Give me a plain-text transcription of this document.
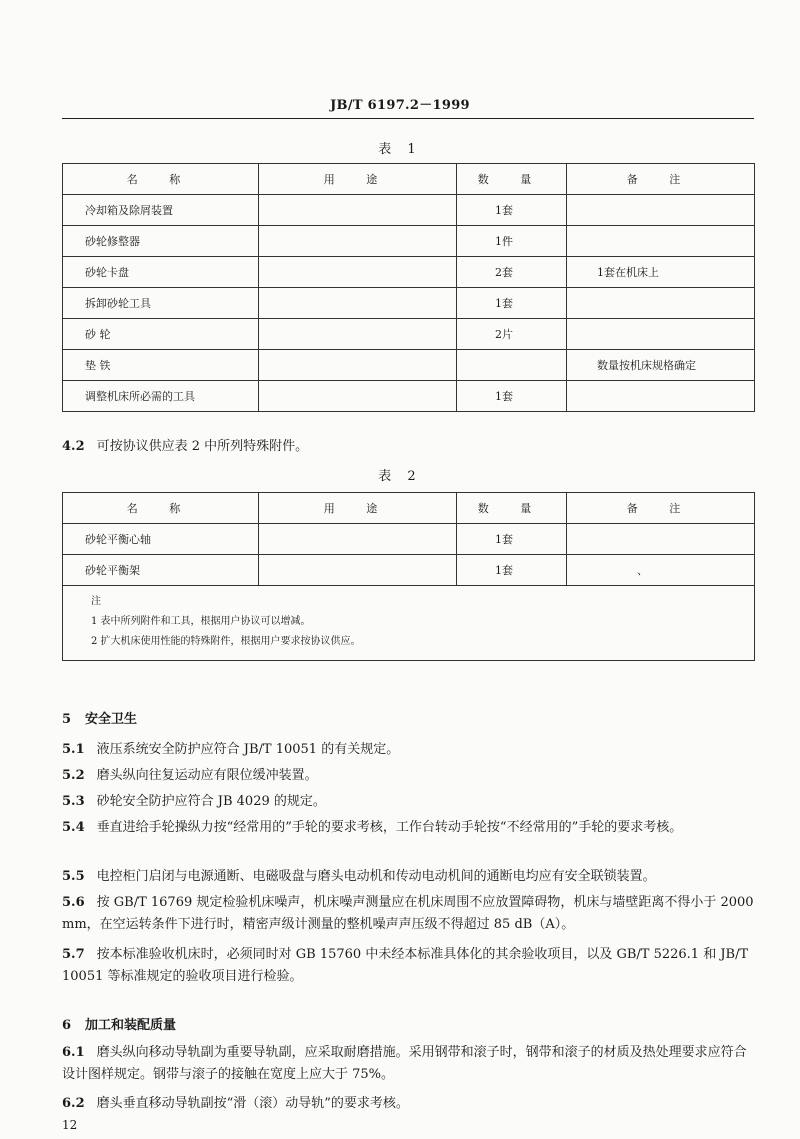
JB/T 6197.2－1999
表 1
名 称	用 途	数 量	备 注
冷却箱及除屑装置		1套	
砂轮修整器		1件	
砂轮卡盘		2套	1套在机床上
拆卸砂轮工具		1套	
砂 轮		2片	
垫 铁			数量按机床规格确定
调整机床所必需的工具		1套	
4.2 可按协议供应表 2 中所列特殊附件。
表 2
名 称	用 途	数 量	备 注
砂轮平衡心轴		1套	
砂轮平衡架		1套	、

注
1 表中所列附件和工具，根据用户协议可以增减。
2 扩大机床使用性能的特殊附件，根据用户要求按协议供应。			
5 安全卫生
5.1 液压系统安全防护应符合 JB/T 10051 的有关规定。
5.2 磨头纵向往复运动应有限位缓冲装置。
5.3 砂轮安全防护应符合 JB 4029 的规定。
5.4 垂直进给手轮操纵力按“经常用的”手轮的要求考核，工作台转动手轮按“不经常用的”手轮的要求考核。
5.5 电控柜门启闭与电源通断、电磁吸盘与磨头电动机和传动电动机间的通断电均应有安全联锁装置。
5.6 按 GB/T 16769 规定检验机床噪声，机床噪声测量应在机床周围不应放置障碍物，机床与墙壁距离不得小于 2000 mm，在空运转条件下进行时，精密声级计测量的整机噪声声压级不得超过 85 dB（A）。
5.7 按本标准验收机床时，必须同时对 GB 15760 中未经本标准具体化的其余验收项目，以及 GB/T 5226.1 和 JB/T 10051 等标准规定的验收项目进行检验。
6 加工和装配质量
6.1 磨头纵向移动导轨副为重要导轨副，应采取耐磨措施。采用钢带和滚子时，钢带和滚子的材质及热处理要求应符合设计图样规定。钢带与滚子的接触在宽度上应大于 75%。
6.2 磨头垂直移动导轨副按“滑（滚）动导轨”的要求考核。
12
